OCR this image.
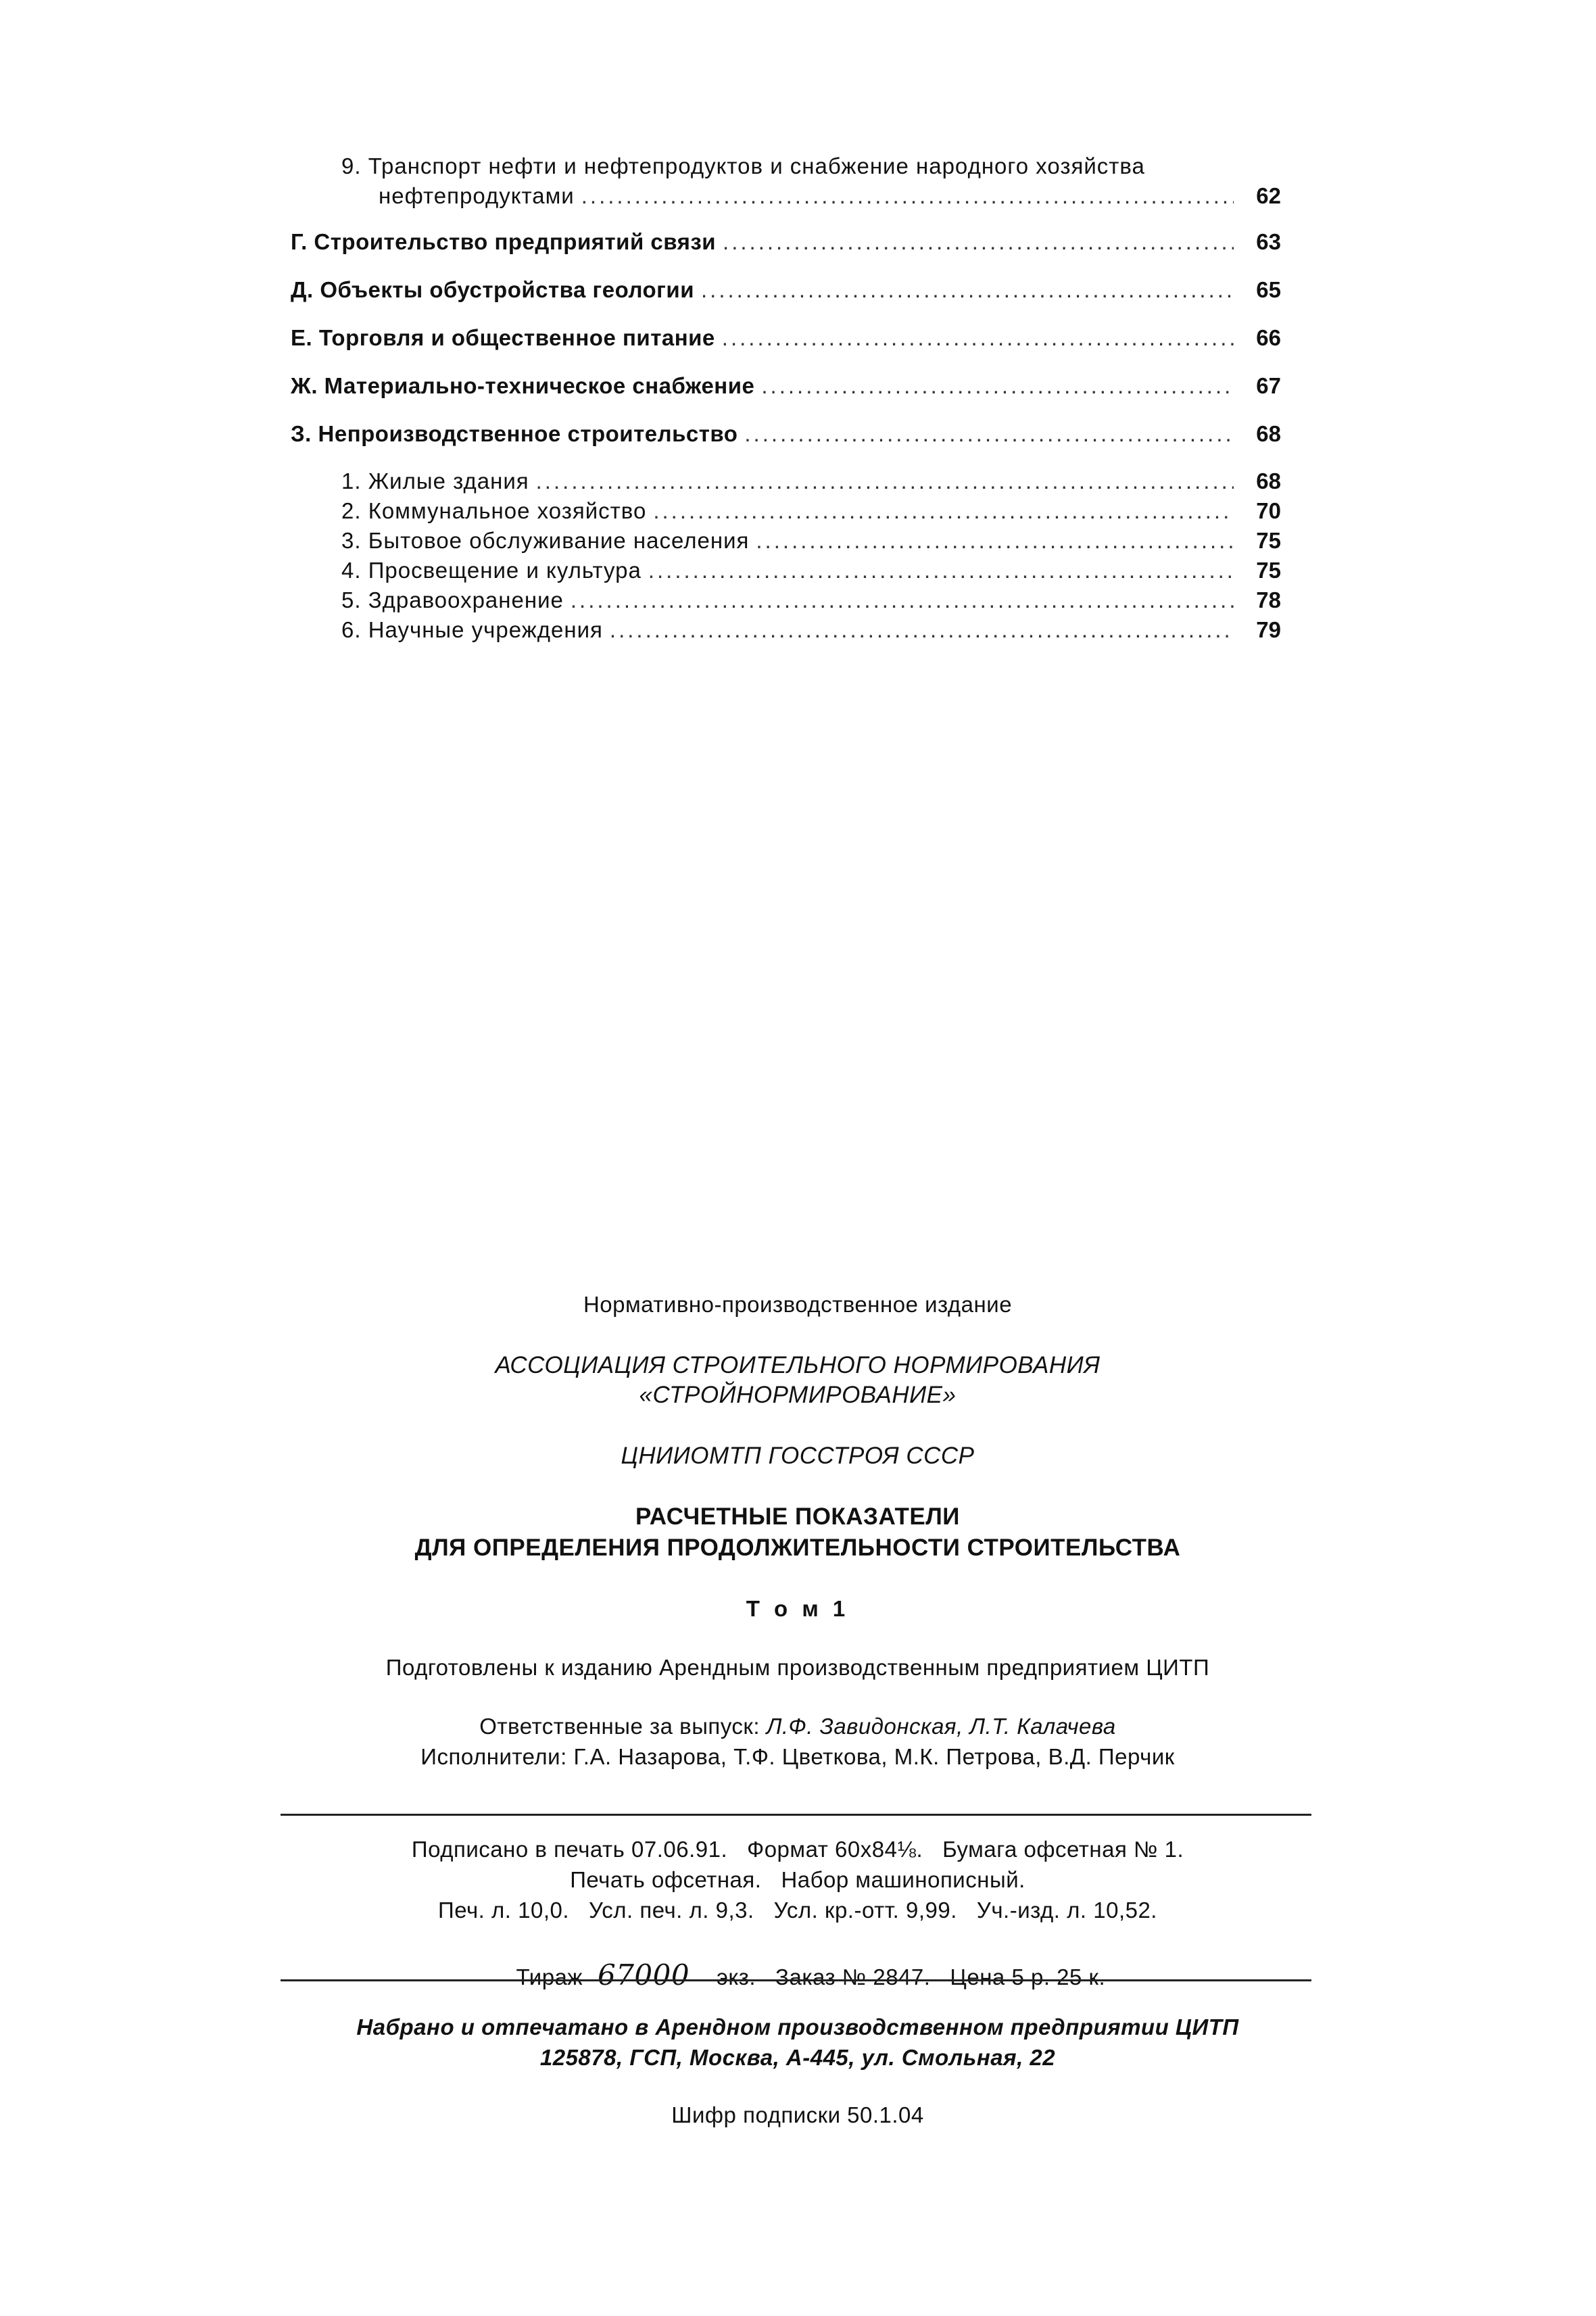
9. Транспорт нефти и нефтепродуктов и снабжение народного хозяйства
нефтепродуктами .....	62
Г. Строительство предприятий связи .....	63
Д. Объекты обустройства геологии .....	65
Е. Торговля и общественное питание .....	66
Ж. Материально-техническое снабжение .....	67
З. Непроизводственное строительство .....	68
1. Жилые здания .....	68
2. Коммунальное хозяйство .....	70
3. Бытовое обслуживание населения .....	75
4. Просвещение и культура .....	75
5. Здравоохранение .....	78
6. Научные учреждения .....	79
Нормативно-производственное издание
АССОЦИАЦИЯ СТРОИТЕЛЬНОГО НОРМИРОВАНИЯ
«СТРОЙНОРМИРОВАНИЕ»
ЦНИИОМТП ГОССТРОЯ СССР
РАСЧЕТНЫЕ ПОКАЗАТЕЛИ
ДЛЯ ОПРЕДЕЛЕНИЯ ПРОДОЛЖИТЕЛЬНОСТИ СТРОИТЕЛЬСТВА
Т о м 1
Подготовлены к изданию Арендным производственным предприятием ЦИТП
Ответственные за выпуск: Л.Ф. Завидонская, Л.Т. Калачева
Исполнители: Г.А. Назарова, Т.Ф. Цветкова, М.К. Петрова, В.Д. Перчик
Подписано в печать 07.06.91.   Формат 60х84⅛.   Бумага офсетная № 1.
Печать офсетная.   Набор машинописный.
Печ. л. 10,0.   Усл. печ. л. 9,3.   Усл. кр.-отт. 9,99.   Уч.-изд. л. 10,52.

Тираж 67000 экз.   Заказ № 2847.   Цена 5 р. 25 к.

Набрано и отпечатано в Арендном производственном предприятии ЦИТП
125878, ГСП, Москва, А-445, ул. Смольная, 22
Шифр подписки 50.1.04
